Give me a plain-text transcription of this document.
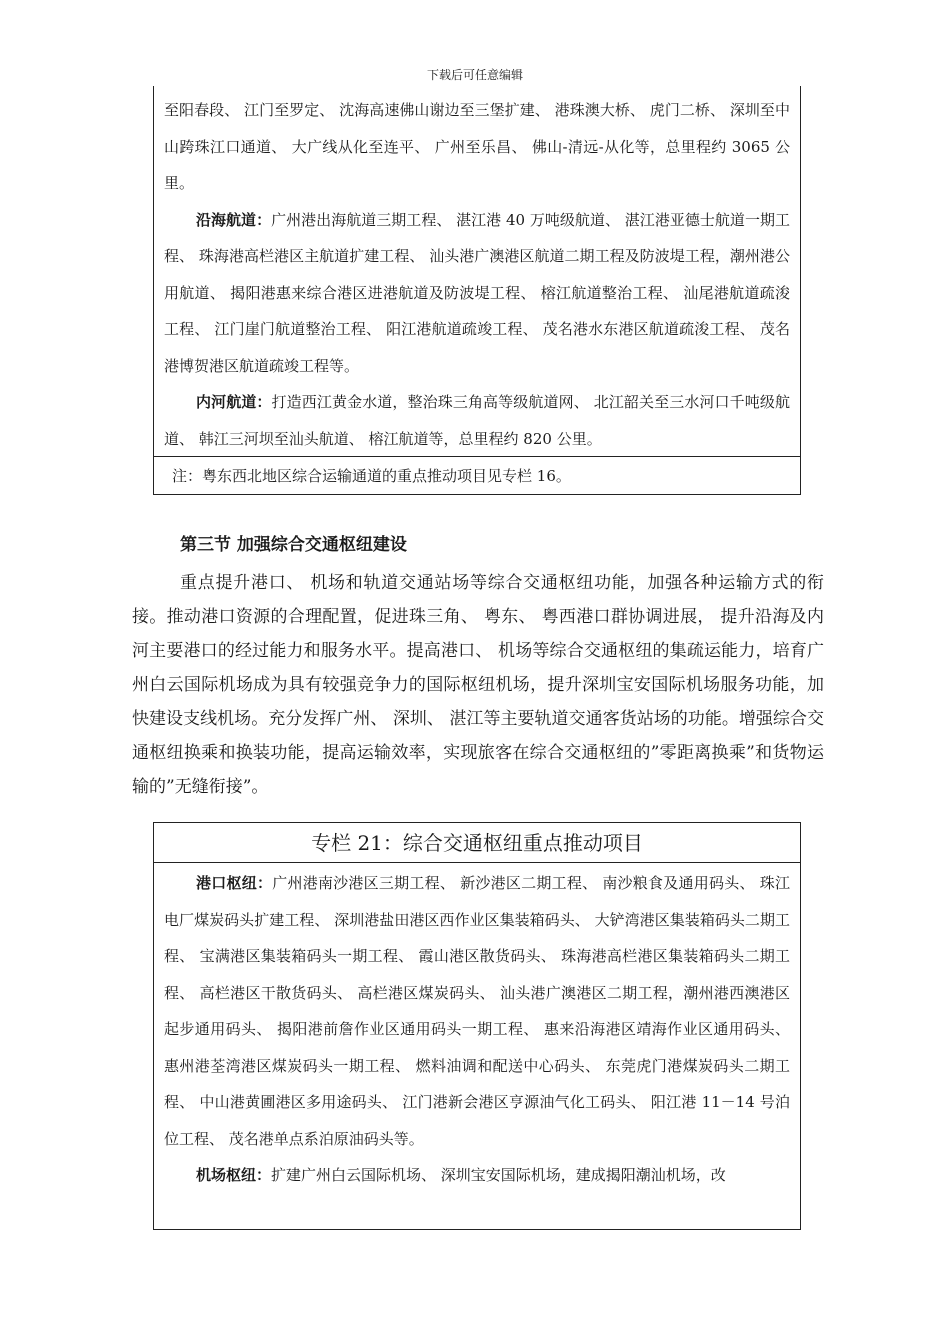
下载后可任意编辑

至阳春段、 江门至罗定、 沈海高速佛山谢边至三堡扩建、 港珠澳大桥、 虎门二桥、 深圳至中山跨珠江口通道、 大广线从化至连平、 广州至乐昌、 佛山-清远-从化等，总里程约 3065 公里。

沿海航道：广州港出海航道三期工程、 湛江港 40 万吨级航道、 湛江港亚德士航道一期工程、 珠海港高栏港区主航道扩建工程、 汕头港广澳港区航道二期工程及防波堤工程，潮州港公用航道、 揭阳港惠来综合港区进港航道及防波堤工程、 榕江航道整治工程、 汕尾港航道疏浚工程、 江门崖门航道整治工程、 阳江港航道疏竣工程、 茂名港水东港区航道疏浚工程、 茂名港博贺港区航道疏竣工程等。

内河航道：打造西江黄金水道，整治珠三角高等级航道网、 北江韶关至三水河口千吨级航道、 韩江三河坝至汕头航道、 榕江航道等，总里程约 820 公里。

注：粤东西北地区综合运输通道的重点推动项目见专栏 16。
第三节 加强综合交通枢纽建设

重点提升港口、 机场和轨道交通站场等综合交通枢纽功能，加强各种运输方式的衔接。推动港口资源的合理配置，促进珠三角、 粤东、 粤西港口群协调进展， 提升沿海及内河主要港口的经过能力和服务水平。提高港口、 机场等综合交通枢纽的集疏运能力，培育广州白云国际机场成为具有较强竞争力的国际枢纽机场，提升深圳宝安国际机场服务功能，加快建设支线机场。充分发挥广州、 深圳、 湛江等主要轨道交通客货站场的功能。增强综合交通枢纽换乘和换装功能，提高运输效率，实现旅客在综合交通枢纽的”零距离换乘”和货物运输的”无缝衔接”。

专栏 21：综合交通枢纽重点推动项目

港口枢纽：广州港南沙港区三期工程、 新沙港区二期工程、 南沙粮食及通用码头、 珠江电厂煤炭码头扩建工程、 深圳港盐田港区西作业区集装箱码头、 大铲湾港区集装箱码头二期工程、 宝满港区集装箱码头一期工程、 霞山港区散货码头、 珠海港高栏港区集装箱码头二期工程、 高栏港区干散货码头、 高栏港区煤炭码头、 汕头港广澳港区二期工程，潮州港西澳港区起步通用码头、 揭阳港前詹作业区通用码头一期工程、 惠来沿海港区靖海作业区通用码头、 惠州港荃湾港区煤炭码头一期工程、 燃料油调和配送中心码头、 东莞虎门港煤炭码头二期工程、 中山港黄圃港区多用途码头、 江门港新会港区亨源油气化工码头、 阳江港 11－14 号泊位工程、 茂名港单点系泊原油码头等。

机场枢纽：扩建广州白云国际机场、 深圳宝安国际机场，建成揭阳潮汕机场，改
